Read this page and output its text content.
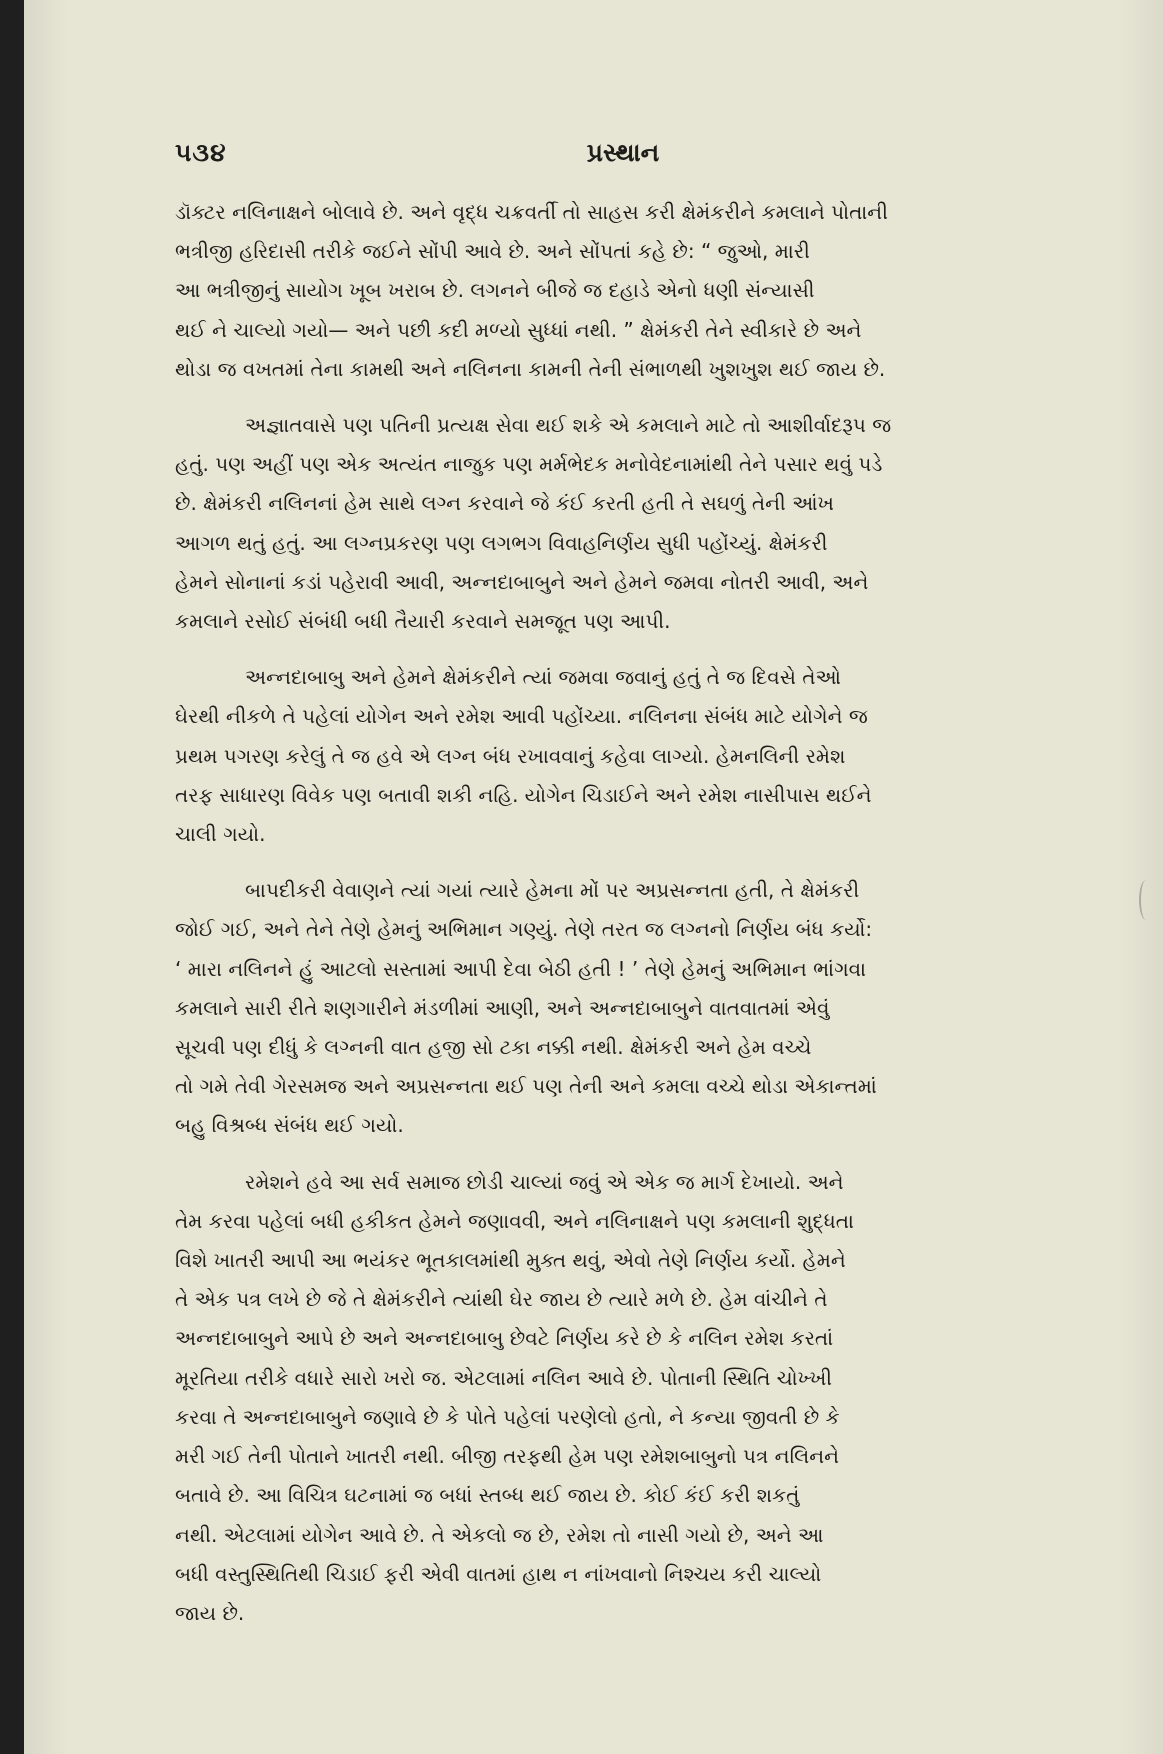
૫૩૪	પ્રસ્થાન

ડૉક્ટર નલિનાક્ષને બોલાવે છે. અને વૃદ્ધ ચક્રવર્તી તો સાહસ કરી ક્ષેમંકરીને કમલાને પોતાની
ભત્રીજી હરિદાસી તરીકે જઈને સોંપી આવે છે. અને સોંપતાં કહે છે: “ જુઓ, મારી
આ ભત્રીજીનું સાયોગ ખૂબ ખરાબ છે. લગનને બીજે જ દહાડે એનો ધણી સંન્યાસી
થઈ ને ચાલ્યો ગયો— અને પછી કદી મળ્યો સુધ્ધાં નથી. ” ક્ષેમંકરી તેને સ્વીકારે છે અને
થોડા જ વખતમાં તેના કામથી અને નલિનના કામની તેની સંભાળથી ખુશખુશ થઈ જાય છે.

અજ્ઞાતવાસે પણ પતિની પ્રત્યક્ષ સેવા થઈ શકે એ કમલાને માટે તો આશીર્વાદરૂપ જ
હતું. પણ અહીં પણ એક અત્યંત નાજુક પણ મર્મભેદક મનોવેદનામાંથી તેને પસાર થવું પડે
છે. ક્ષેમંકરી નલિનનાં હેમ સાથે લગ્ન કરવાને જે કંઈ કરતી હતી તે સઘળું તેની આંખ
આગળ થતું હતું. આ લગ્નપ્રકરણ પણ લગભગ વિવાહનિર્ણય સુધી પહોંચ્યું. ક્ષેમંકરી
હેમને સોનાનાં કડાં પહેરાવી આવી, અન્નદાબાબુને અને હેમને જમવા નોતરી આવી, અને
કમલાને રસોઈ સંબંધી બધી તૈયારી કરવાને સમજૂત પણ આપી.

અન્નદાબાબુ અને હેમને ક્ષેમંકરીને ત્યાં જમવા જવાનું હતું તે જ દિવસે તેઓ
ઘેરથી નીકળે તે પહેલાં યોગેન અને રમેશ આવી પહોંચ્યા. નલિનના સંબંધ માટે યોગેને જ
પ્રથમ પગરણ કરેલું તે જ હવે એ લગ્ન બંધ રખાવવાનું કહેવા લાગ્યો. હેમનલિની રમેશ
તરફ સાધારણ વિવેક પણ બતાવી શકી નહિ. યોગેન ચિડાઈને અને રમેશ નાસીપાસ થઈને
ચાલી ગયો.

બાપદીકરી વેવાણને ત્યાં ગયાં ત્યારે હેમના મોં પર અપ્રસન્નતા હતી, તે ક્ષેમંકરી
જોઈ ગઈ, અને તેને તેણે હેમનું અભિમાન ગણ્યું. તેણે તરત જ લગ્નનો નિર્ણય બંધ કર્યો:
‘ મારા નલિનને હું આટલો સસ્તામાં આપી દેવા બેઠી હતી ! ’ તેણે હેમનું અભિમાન ભાંગવા
કમલાને સારી રીતે શણગારીને મંડળીમાં આણી, અને અન્નદાબાબુને વાતવાતમાં એવું
સૂચવી પણ દીધું કે લગ્નની વાત હજી સો ટકા નક્કી નથી. ક્ષેમંકરી અને હેમ વચ્ચે
તો ગમે તેવી ગેરસમજ અને અપ્રસન્નતા થઈ પણ તેની અને કમલા વચ્ચે થોડા એકાન્તમાં
બહુ વિશ્રબ્ધ સંબંધ થઈ ગયો.

રમેશને હવે આ સર્વ સમાજ છોડી ચાલ્યાં જવું એ એક જ માર્ગ દેખાયો. અને
તેમ કરવા પહેલાં બધી હકીકત હેમને જણાવવી, અને નલિનાક્ષને પણ કમલાની શુદ્ધતા
વિશે ખાતરી આપી આ ભયંકર ભૂતકાલમાંથી મુક્ત થવું, એવો તેણે નિર્ણય કર્યો. હેમને
તે એક પત્ર લખે છે જે તે ક્ષેમંકરીને ત્યાંથી ઘેર જાય છે ત્યારે મળે છે. હેમ વાંચીને તે
અન્નદાબાબુને આપે છે અને અન્નદાબાબુ છેવટે નિર્ણય કરે છે કે નલિન રમેશ કરતાં
મૂરતિયા તરીકે વધારે સારો ખરો જ. એટલામાં નલિન આવે છે. પોતાની સ્થિતિ ચોખ્ખી
કરવા તે અન્નદાબાબુને જણાવે છે કે પોતે પહેલાં પરણેલો હતો, ને કન્યા જીવતી છે કે
મરી ગઈ તેની પોતાને ખાતરી નથી. બીજી તરફથી હેમ પણ રમેશબાબુનો પત્ર નલિનને
બતાવે છે. આ વિચિત્ર ઘટનામાં જ બધાં સ્તબ્ધ થઈ જાય છે. કોઈ કંઈ કરી શકતું
નથી. એટલામાં યોગેન આવે છે. તે એકલો જ છે, રમેશ તો નાસી ગયો છે, અને આ
બધી વસ્તુસ્થિતિથી ચિડાઈ ફરી એવી વાતમાં હાથ ન નાંખવાનો નિશ્ચય કરી ચાલ્યો
જાય છે.
